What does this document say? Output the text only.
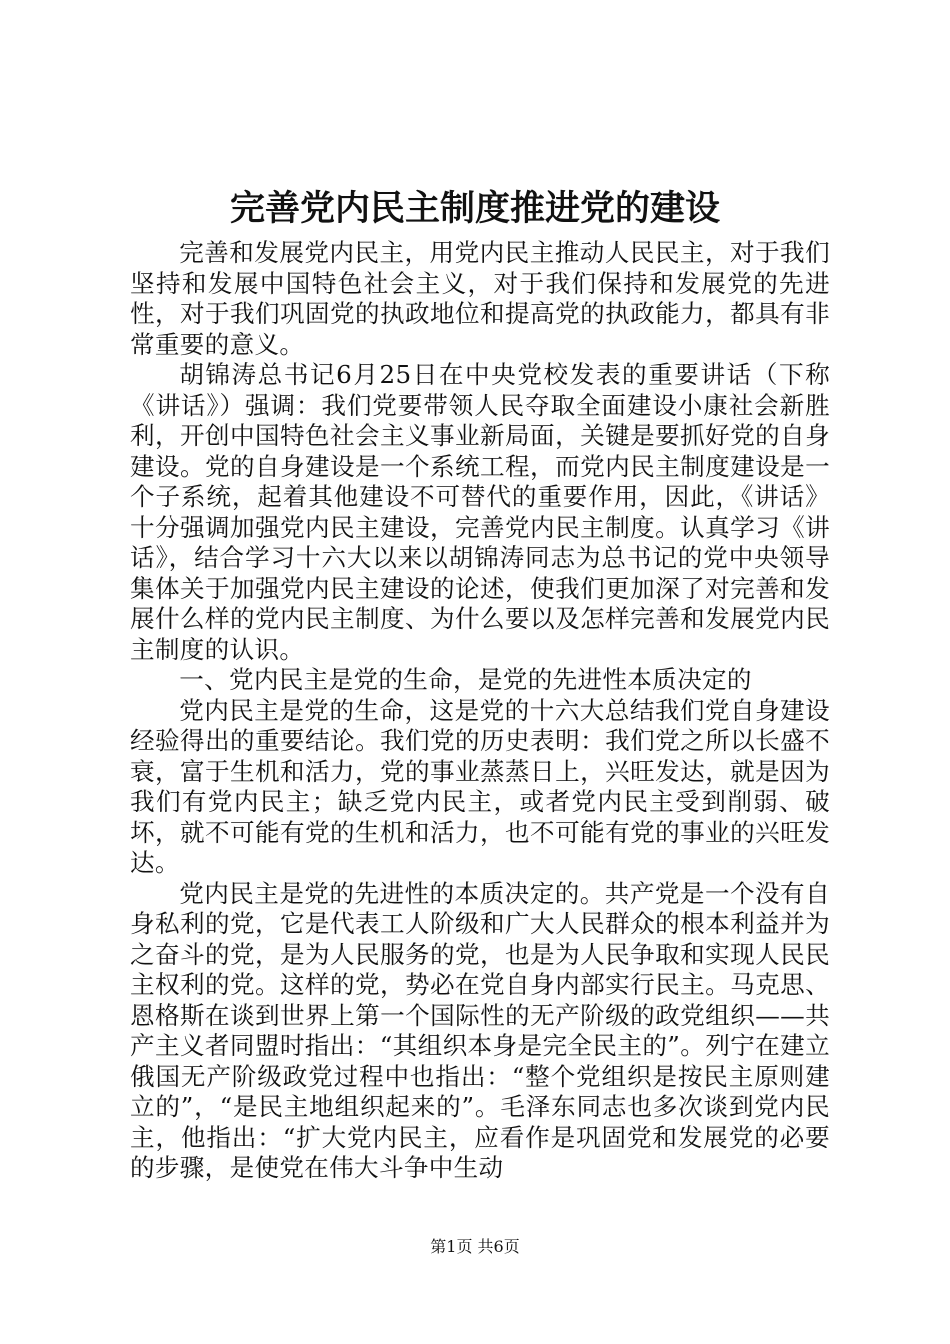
完善党内民主制度推进党的建设

完善和发展党内民主，用党内民主推动人民民主，对于我们坚持和发展中国特色社会主义，对于我们保持和发展党的先进性，对于我们巩固党的执政地位和提高党的执政能力，都具有非常重要的意义。

胡锦涛总书记6月25日在中央党校发表的重要讲话（下称《讲话》）强调：我们党要带领人民夺取全面建设小康社会新胜利，开创中国特色社会主义事业新局面，关键是要抓好党的自身建设。党的自身建设是一个系统工程，而党内民主制度建设是一个子系统，起着其他建设不可替代的重要作用，因此，《讲话》十分强调加强党内民主建设，完善党内民主制度。认真学习《讲话》，结合学习十六大以来以胡锦涛同志为总书记的党中央领导集体关于加强党内民主建设的论述，使我们更加深了对完善和发展什么样的党内民主制度、为什么要以及怎样完善和发展党内民主制度的认识。

一、党内民主是党的生命，是党的先进性本质决定的

党内民主是党的生命，这是党的十六大总结我们党自身建设经验得出的重要结论。我们党的历史表明：我们党之所以长盛不衰，富于生机和活力，党的事业蒸蒸日上，兴旺发达，就是因为我们有党内民主；缺乏党内民主，或者党内民主受到削弱、破坏，就不可能有党的生机和活力，也不可能有党的事业的兴旺发达。

党内民主是党的先进性的本质决定的。共产党是一个没有自身私利的党，它是代表工人阶级和广大人民群众的根本利益并为之奋斗的党，是为人民服务的党，也是为人民争取和实现人民民主权利的党。这样的党，势必在党自身内部实行民主。马克思、恩格斯在谈到世界上第一个国际性的无产阶级的政党组织——共产主义者同盟时指出：“其组织本身是完全民主的”。列宁在建立俄国无产阶级政党过程中也指出：“整个党组织是按民主原则建立的”，“是民主地组织起来的”。毛泽东同志也多次谈到党内民主，他指出：“扩大党内民主，应看作是巩固党和发展党的必要的步骤，是使党在伟大斗争中生动

第1页 共6页
